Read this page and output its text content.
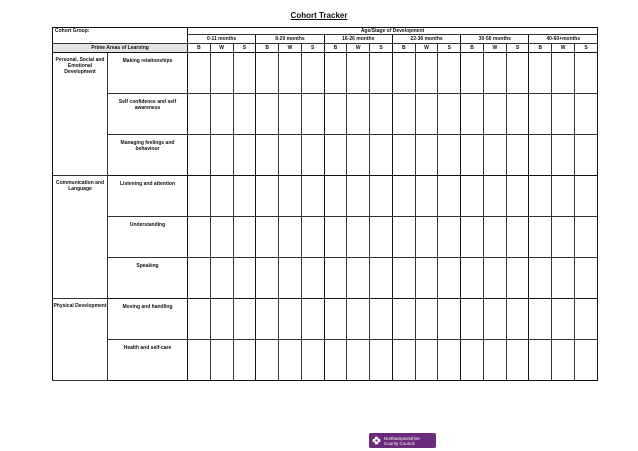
Cohort Tracker
Cohort Group:		Age/Stage of Development																	
		0-11 months			8-20 months			16-26 months			22-36 months			30-50 months			40-60+months		
Prime Areas of Learning		B	W	S	B	W	S	B	W	S	B	W	S	B	W	S	B	W	S
Personal, Social and Emotional Development	Making relationships																		
	Self confidence and self awareness																		
	Managing feelings and behaviour																		
Communication and Language	Listening and attention																		
	Understanding																		
	Speaking																		
Physical Development	Moving and handling																		
	Health and self-care																		
Northamptonshire
County Council
